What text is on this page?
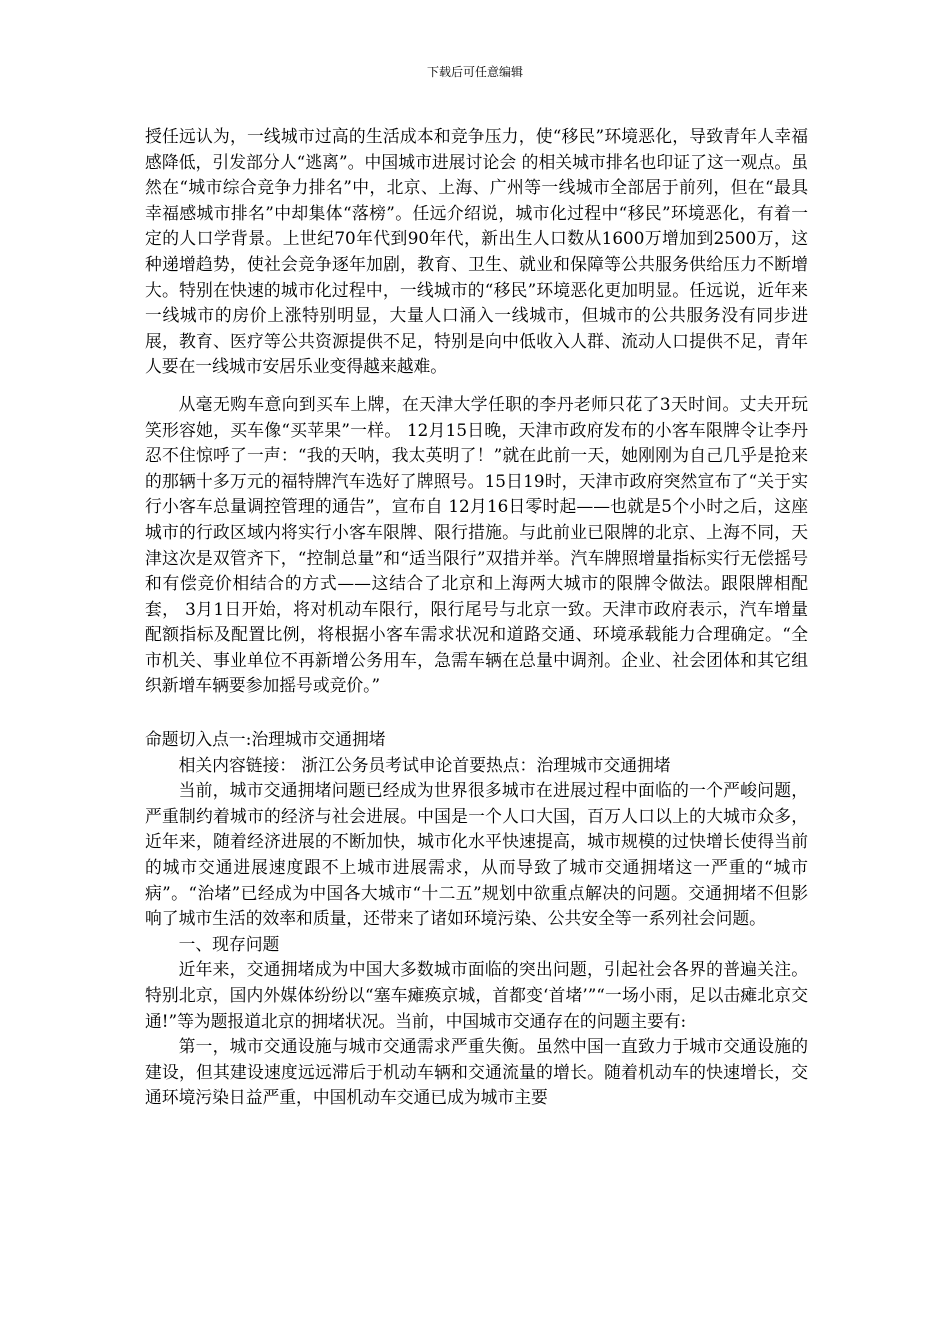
下载后可任意编辑

授任远认为，一线城市过高的生活成本和竞争压力，使“移民”环境恶化，导致青年人幸福感降低，引发部分人“逃离”。中国城市进展讨论会 的相关城市排名也印证了这一观点。虽然在“城市综合竞争力排名”中，北京、上海、广州等一线城市全部居于前列，但在“最具幸福感城市排名”中却集体“落榜”。任远介绍说，城市化过程中“移民”环境恶化，有着一定的人口学背景。上世纪70年代到90年代，新出生人口数从1600万增加到2500万，这种递增趋势，使社会竞争逐年加剧，教育、卫生、就业和保障等公共服务供给压力不断增大。特别在快速的城市化过程中，一线城市的“移民”环境恶化更加明显。任远说，近年来一线城市的房价上涨特别明显，大量人口涌入一线城市，但城市的公共服务没有同步进展，教育、医疗等公共资源提供不足，特别是向中低收入人群、流动人口提供不足，青年人要在一线城市安居乐业变得越来越难。

从毫无购车意向到买车上牌，在天津大学任职的李丹老师只花了3天时间。丈夫开玩笑形容她，买车像“买苹果”一样。 12月15日晚，天津市政府发布的小客车限牌令让李丹忍不住惊呼了一声：“我的天呐，我太英明了！”就在此前一天，她刚刚为自己几乎是抢来的那辆十多万元的福特牌汽车选好了牌照号。15日19时，天津市政府突然宣布了“关于实行小客车总量调控管理的通告”，宣布自 12月16日零时起——也就是5个小时之后，这座城市的行政区域内将实行小客车限牌、限行措施。与此前业已限牌的北京、上海不同，天津这次是双管齐下，“控制总量”和“适当限行”双措并举。汽车牌照增量指标实行无偿摇号和有偿竞价相结合的方式——这结合了北京和上海两大城市的限牌令做法。跟限牌相配套， 3月1日开始，将对机动车限行，限行尾号与北京一致。天津市政府表示，汽车增量配额指标及配置比例，将根据小客车需求状况和道路交通、环境承载能力合理确定。“全市机关、事业单位不再新增公务用车，急需车辆在总量中调剂。企业、社会团体和其它组织新增车辆要参加摇号或竞价。”

命题切入点一:治理城市交通拥堵

相关内容链接： 浙江公务员考试申论首要热点：治理城市交通拥堵

当前，城市交通拥堵问题已经成为世界很多城市在进展过程中面临的一个严峻问题，严重制约着城市的经济与社会进展。中国是一个人口大国，百万人口以上的大城市众多，近年来，随着经济进展的不断加快，城市化水平快速提高，城市规模的过快增长使得当前的城市交通进展速度跟不上城市进展需求，从而导致了城市交通拥堵这一严重的“城市病”。“治堵”已经成为中国各大城市“十二五”规划中欲重点解决的问题。交通拥堵不但影响了城市生活的效率和质量，还带来了诸如环境污染、公共安全等一系列社会问题。

一、现存问题

近年来，交通拥堵成为中国大多数城市面临的突出问题，引起社会各界的普遍关注。特别北京，国内外媒体纷纷以“塞车瘫痪京城，首都变‘首堵’”“一场小雨，足以击瘫北京交通!”等为题报道北京的拥堵状况。当前，中国城市交通存在的问题主要有:

第一，城市交通设施与城市交通需求严重失衡。虽然中国一直致力于城市交通设施的建设，但其建设速度远远滞后于机动车辆和交通流量的增长。随着机动车的快速增长，交通环境污染日益严重，中国机动车交通已成为城市主要
